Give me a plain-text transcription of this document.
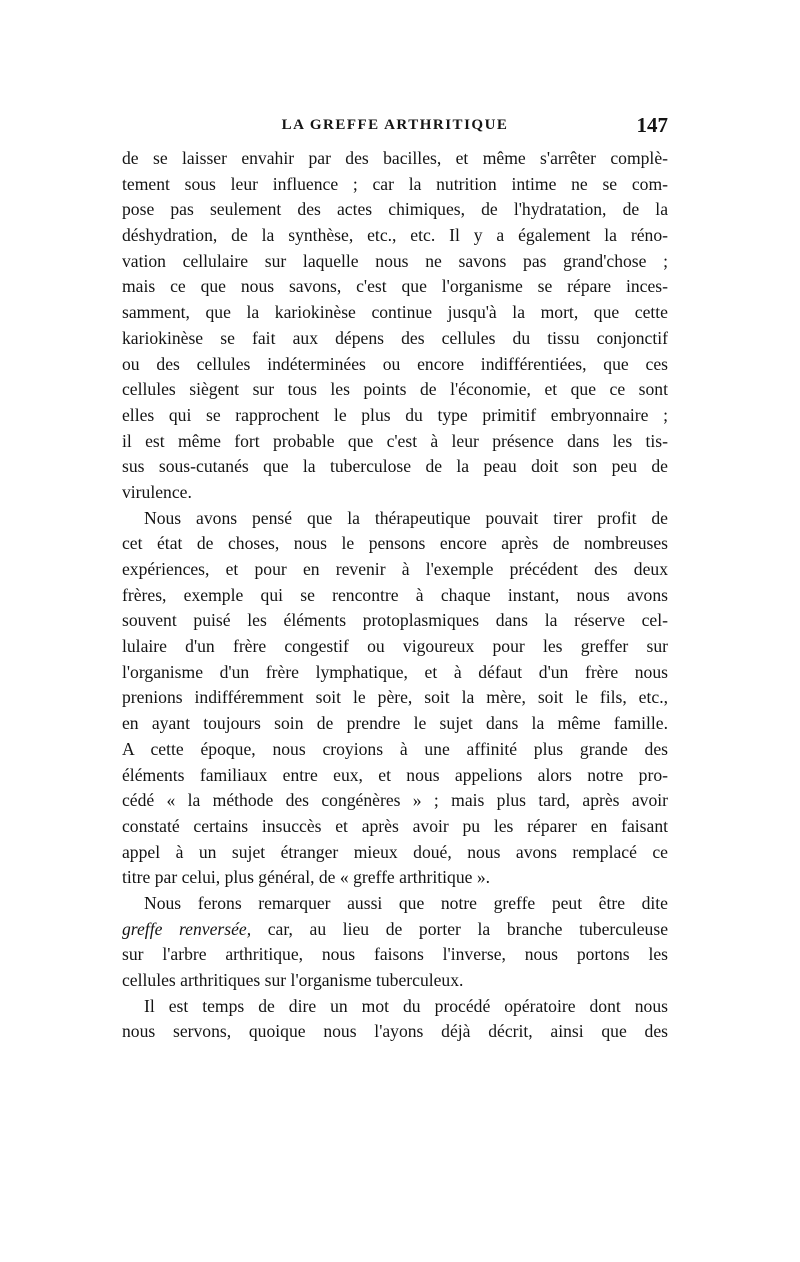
LA GREFFE ARTHRITIQUE	147
de se laisser envahir par des bacilles, et même s'arrêter complè-
tement sous leur influence ; car la nutrition intime ne se com-
pose pas seulement des actes chimiques, de l'hydratation, de la
déshydration, de la synthèse, etc., etc. Il y a également la réno-
vation cellulaire sur laquelle nous ne savons pas grand'chose ;
mais ce que nous savons, c'est que l'organisme se répare inces-
samment, que la kariokinèse continue jusqu'à la mort, que cette
kariokinèse se fait aux dépens des cellules du tissu conjonctif
ou des cellules indéterminées ou encore indifférentiées, que ces
cellules siègent sur tous les points de l'économie, et que ce sont
elles qui se rapprochent le plus du type primitif embryonnaire ;
il est même fort probable que c'est à leur présence dans les tis-
sus sous-cutanés que la tuberculose de la peau doit son peu de
virulence.
Nous avons pensé que la thérapeutique pouvait tirer profit de
cet état de choses, nous le pensons encore après de nombreuses
expériences, et pour en revenir à l'exemple précédent des deux
frères, exemple qui se rencontre à chaque instant, nous avons
souvent puisé les éléments protoplasmiques dans la réserve cel-
lulaire d'un frère congestif ou vigoureux pour les greffer sur
l'organisme d'un frère lymphatique, et à défaut d'un frère nous
prenions indifféremment soit le père, soit la mère, soit le fils, etc.,
en ayant toujours soin de prendre le sujet dans la même famille.
A cette époque, nous croyions à une affinité plus grande des
éléments familiaux entre eux, et nous appelions alors notre pro-
cédé « la méthode des congénères » ; mais plus tard, après avoir
constaté certains insuccès et après avoir pu les réparer en faisant
appel à un sujet étranger mieux doué, nous avons remplacé ce
titre par celui, plus général, de « greffe arthritique ».
Nous ferons remarquer aussi que notre greffe peut être dite
greffe renversée, car, au lieu de porter la branche tuberculeuse
sur l'arbre arthritique, nous faisons l'inverse, nous portons les
cellules arthritiques sur l'organisme tuberculeux.
Il est temps de dire un mot du procédé opératoire dont nous
nous servons, quoique nous l'ayons déjà décrit, ainsi que des
